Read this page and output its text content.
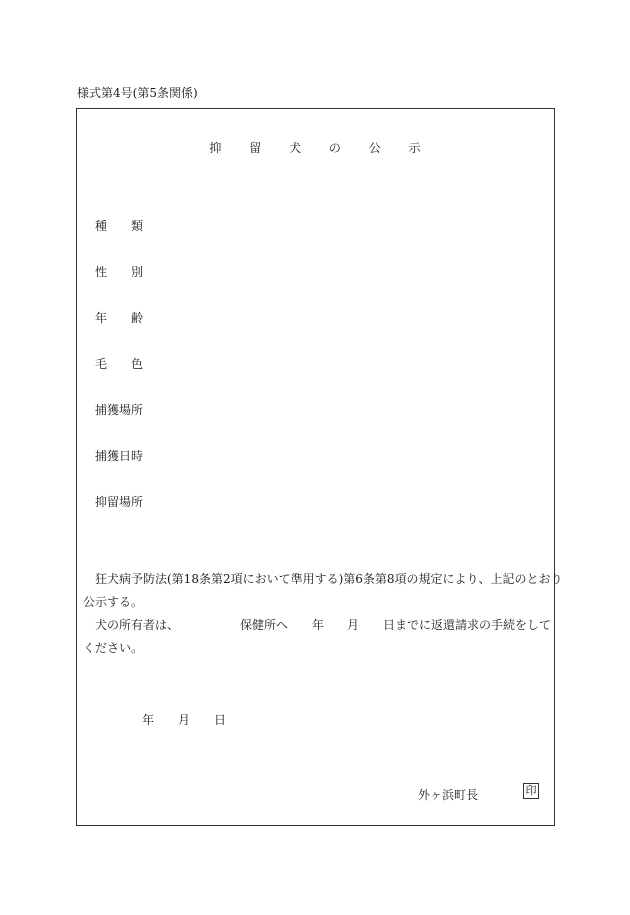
様式第4号(第5条関係)
抑 留 犬 の 公 示
種 類
性 別
年 齢
毛 色
捕獲場所
捕獲日時
抑留場所
狂犬病予防法(第18条第2項において準用する)第6条第8項の規定により、上記のとおり
公示する。
犬の所有者は、	保健所へ 年 月 日までに返還請求の手続をして
ください。
年 月 日
外ヶ浜町長	印
